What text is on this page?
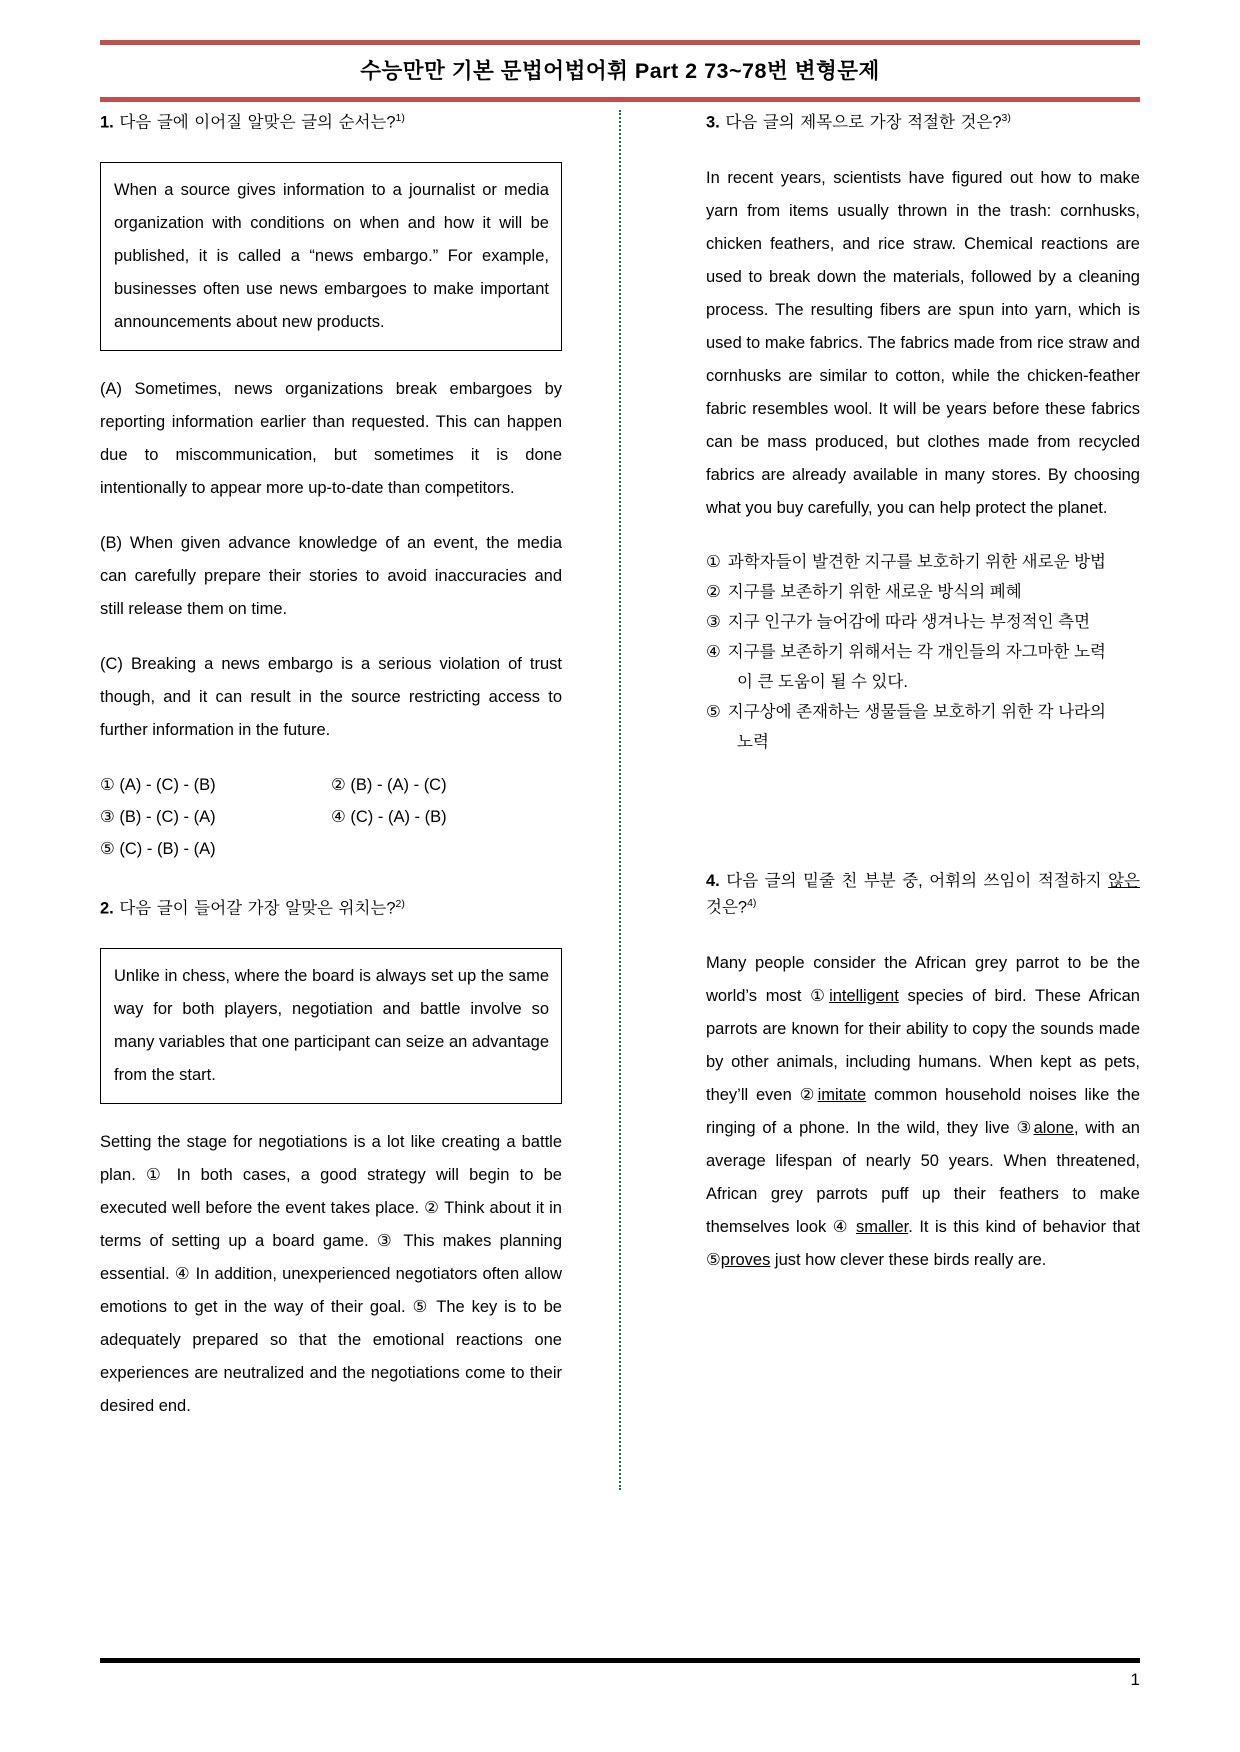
수능만만 기본 문법어법어휘 Part 2 73~78번 변형문제
1. 다음 글에 이어질 알맞은 글의 순서는?$^{1)}$
When a source gives information to a journalist or media organization with conditions on when and how it will be published, it is called a “news embargo.” For example, businesses often use news embargoes to make important announcements about new products.
(A) Sometimes, news organizations break embargoes by reporting information earlier than requested. This can happen due to miscommunication, but sometimes it is done intentionally to appear more up-to-date than competitors.
(B) When given advance knowledge of an event, the media can carefully prepare their stories to avoid inaccuracies and still release them on time.
(C) Breaking a news embargo is a serious violation of trust though, and it can result in the source restricting access to further information in the future.
① (A) - (C) - (B)	② (B) - (A) - (C)
③ (B) - (C) - (A)	④ (C) - (A) - (B)
⑤ (C) - (B) - (A)
2. 다음 글이 들어갈 가장 알맞은 위치는?$^{2)}$
Unlike in chess, where the board is always set up the same way for both players, negotiation and battle involve so many variables that one participant can seize an advantage from the start.
Setting the stage for negotiations is a lot like creating a battle plan. ① In both cases, a good strategy will begin to be executed well before the event takes place. ② Think about it in terms of setting up a board game. ③ This makes planning essential. ④ In addition, unexperienced negotiators often allow emotions to get in the way of their goal. ⑤ The key is to be adequately prepared so that the emotional reactions one experiences are neutralized and the negotiations come to their desired end.
3. 다음 글의 제목으로 가장 적절한 것은?$^{3)}$
In recent years, scientists have figured out how to make yarn from items usually thrown in the trash: cornhusks, chicken feathers, and rice straw. Chemical reactions are used to break down the materials, followed by a cleaning process. The resulting fibers are spun into yarn, which is used to make fabrics. The fabrics made from rice straw and cornhusks are similar to cotton, while the chicken-feather fabric resembles wool. It will be years before these fabrics can be mass produced, but clothes made from recycled fabrics are already available in many stores. By choosing what you buy carefully, you can help protect the planet.
① 과학자들이 발견한 지구를 보호하기 위한 새로운 방법
② 지구를 보존하기 위한 새로운 방식의 폐혜
③ 지구 인구가 늘어감에 따라 생겨나는 부정적인 측면
④ 지구를 보존하기 위해서는 각 개인들의 자그마한 노력
이 큰 도움이 될 수 있다.
⑤ 지구상에 존재하는 생물들을 보호하기 위한 각 나라의
노력
4. 다음 글의 밑줄 친 부분 중, 어휘의 쓰임이 적절하지 않은 것은?$^{4)}$
Many people consider the African grey parrot to be the world’s most ①intelligent species of bird. These African parrots are known for their ability to copy the sounds made by other animals, including humans. When kept as pets, they’ll even ②imitate common household noises like the ringing of a phone. In the wild, they live ③alone, with an average lifespan of nearly 50 years. When threatened, African grey parrots puff up their feathers to make themselves look ④ smaller. It is this kind of behavior that ⑤proves just how clever these birds really are.
1
